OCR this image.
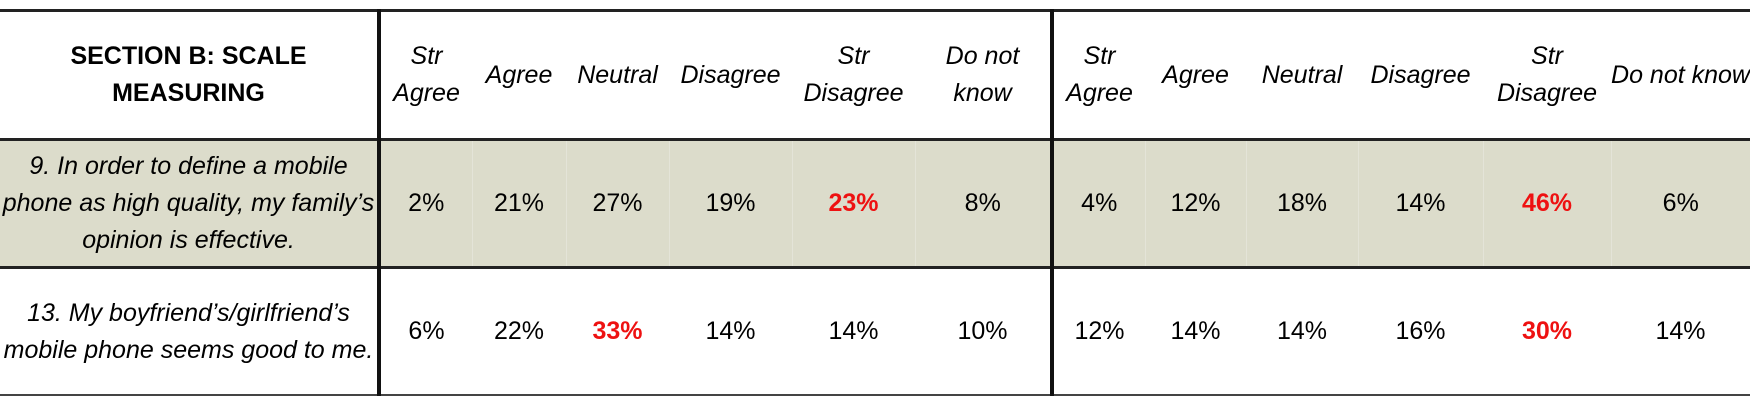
SECTION B: SCALE MEASURING	Str Agree	Agree	Neutral	Disagree	Str Disagree	Do not know	Str Agree	Agree	Neutral	Disagree	Str Disagree	Do not know
9. In order to define a mobile phone as high quality, my family’s opinion is effective.	2%	21%	27%	19%	23%	8%	4%	12%	18%	14%	46%	6%
13. My boyfriend’s/girlfriend’s mobile phone seems good to me.	6%	22%	33%	14%	14%	10%	12%	14%	14%	16%	30%	14%
